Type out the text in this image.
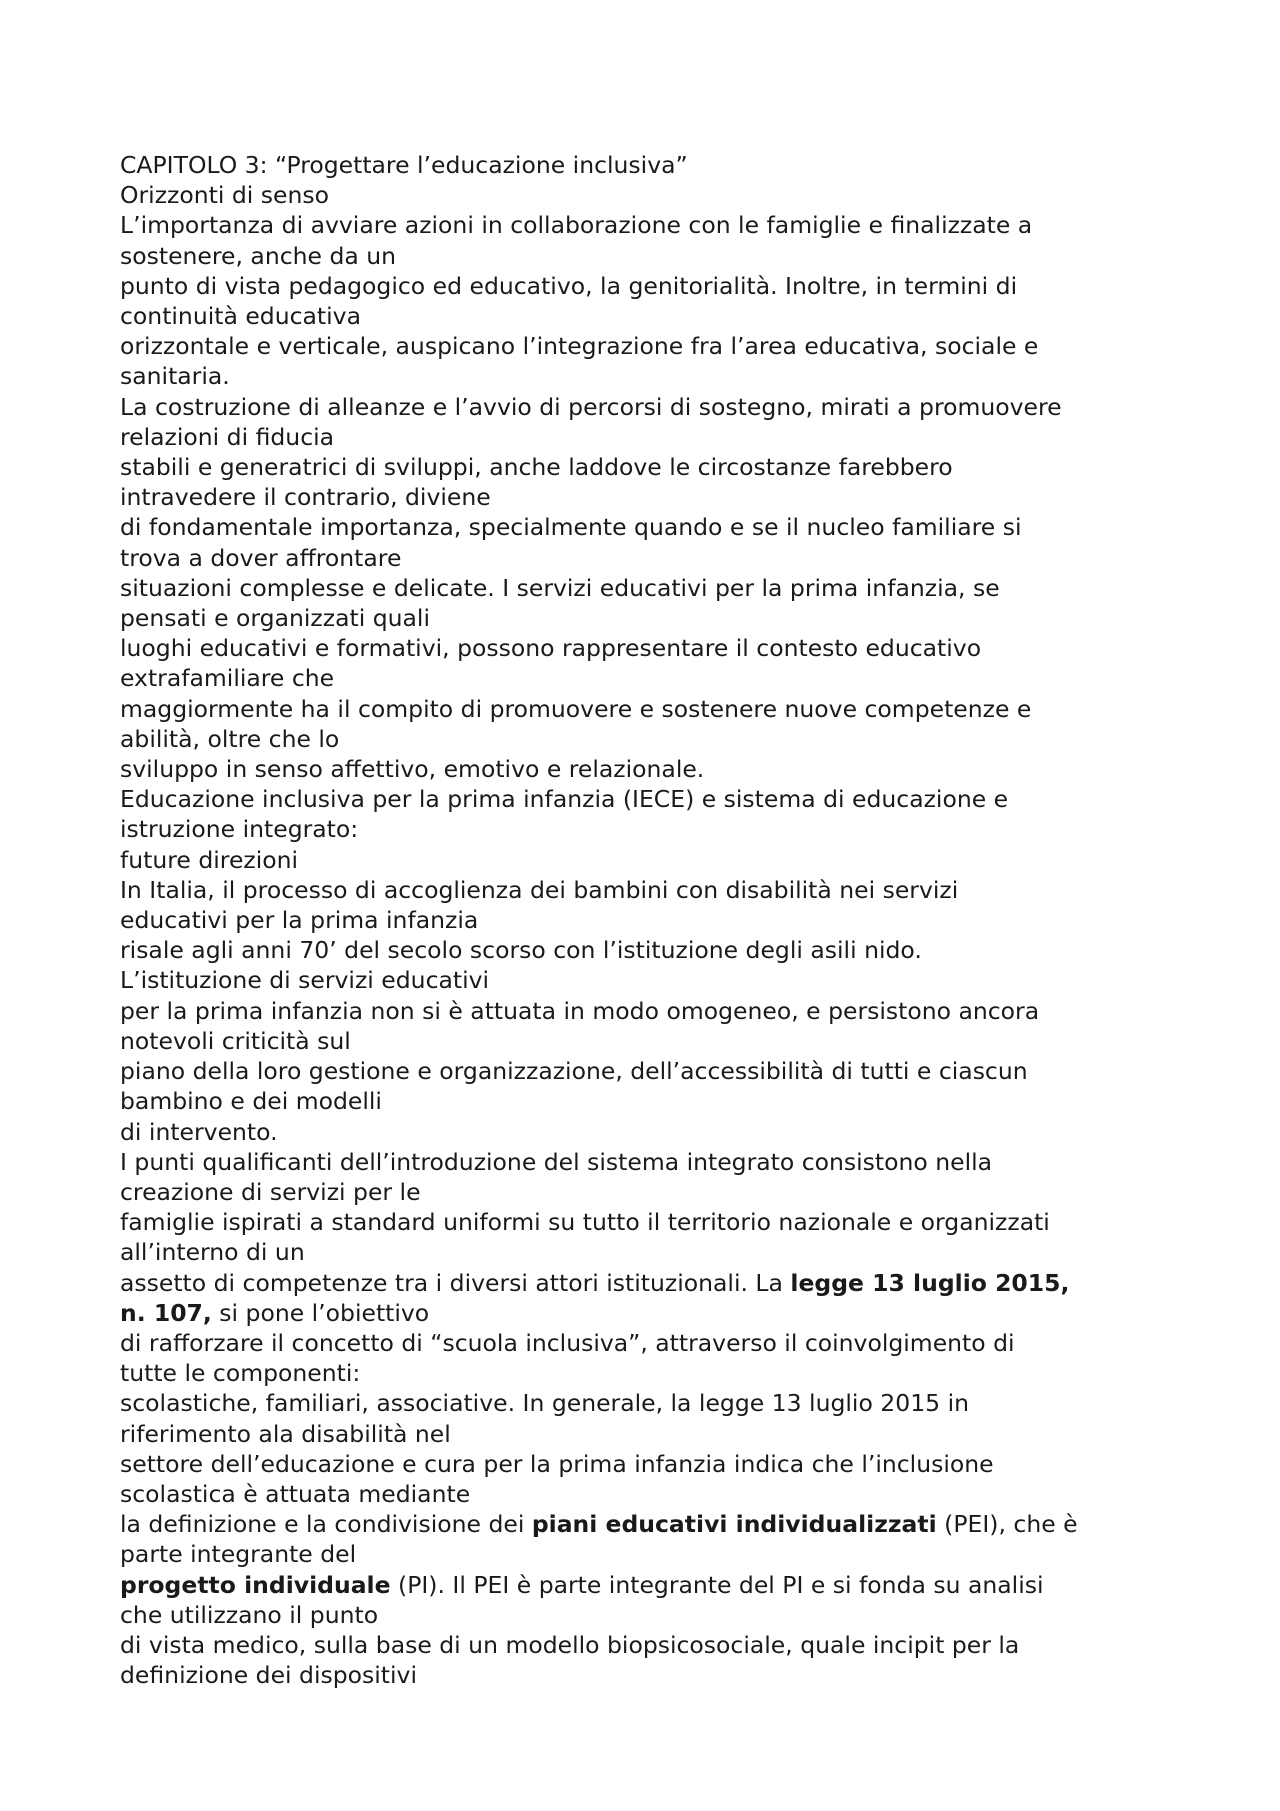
CAPITOLO 3: “Progettare l’educazione inclusiva”
Orizzonti di senso
L’importanza di avviare azioni in collaborazione con le famiglie e finalizzate a
sostenere, anche da un
punto di vista pedagogico ed educativo, la genitorialità. Inoltre, in termini di
continuità educativa
orizzontale e verticale, auspicano l’integrazione fra l’area educativa, sociale e
sanitaria.
La costruzione di alleanze e l’avvio di percorsi di sostegno, mirati a promuovere
relazioni di fiducia
stabili e generatrici di sviluppi, anche laddove le circostanze farebbero
intravedere il contrario, diviene
di fondamentale importanza, specialmente quando e se il nucleo familiare si
trova a dover affrontare
situazioni complesse e delicate. I servizi educativi per la prima infanzia, se
pensati e organizzati quali
luoghi educativi e formativi, possono rappresentare il contesto educativo
extrafamiliare che
maggiormente ha il compito di promuovere e sostenere nuove competenze e
abilità, oltre che lo
sviluppo in senso affettivo, emotivo e relazionale.
Educazione inclusiva per la prima infanzia (IECE) e sistema di educazione e
istruzione integrato:
future direzioni
In Italia, il processo di accoglienza dei bambini con disabilità nei servizi
educativi per la prima infanzia
risale agli anni 70’ del secolo scorso con l’istituzione degli asili nido.
L’istituzione di servizi educativi
per la prima infanzia non si è attuata in modo omogeneo, e persistono ancora
notevoli criticità sul
piano della loro gestione e organizzazione, dell’accessibilità di tutti e ciascun
bambino e dei modelli
di intervento.
I punti qualificanti dell’introduzione del sistema integrato consistono nella
creazione di servizi per le
famiglie ispirati a standard uniformi su tutto il territorio nazionale e organizzati
all’interno di un
assetto di competenze tra i diversi attori istituzionali. La legge 13 luglio 2015,
n. 107, si pone l’obiettivo
di rafforzare il concetto di “scuola inclusiva”, attraverso il coinvolgimento di
tutte le componenti:
scolastiche, familiari, associative. In generale, la legge 13 luglio 2015 in
riferimento ala disabilità nel
settore dell’educazione e cura per la prima infanzia indica che l’inclusione
scolastica è attuata mediante
la definizione e la condivisione dei piani educativi individualizzati (PEI), che è
parte integrante del
progetto individuale (PI). Il PEI è parte integrante del PI e si fonda su analisi
che utilizzano il punto
di vista medico, sulla base di un modello biopsicosociale, quale incipit per la
definizione dei dispositivi
